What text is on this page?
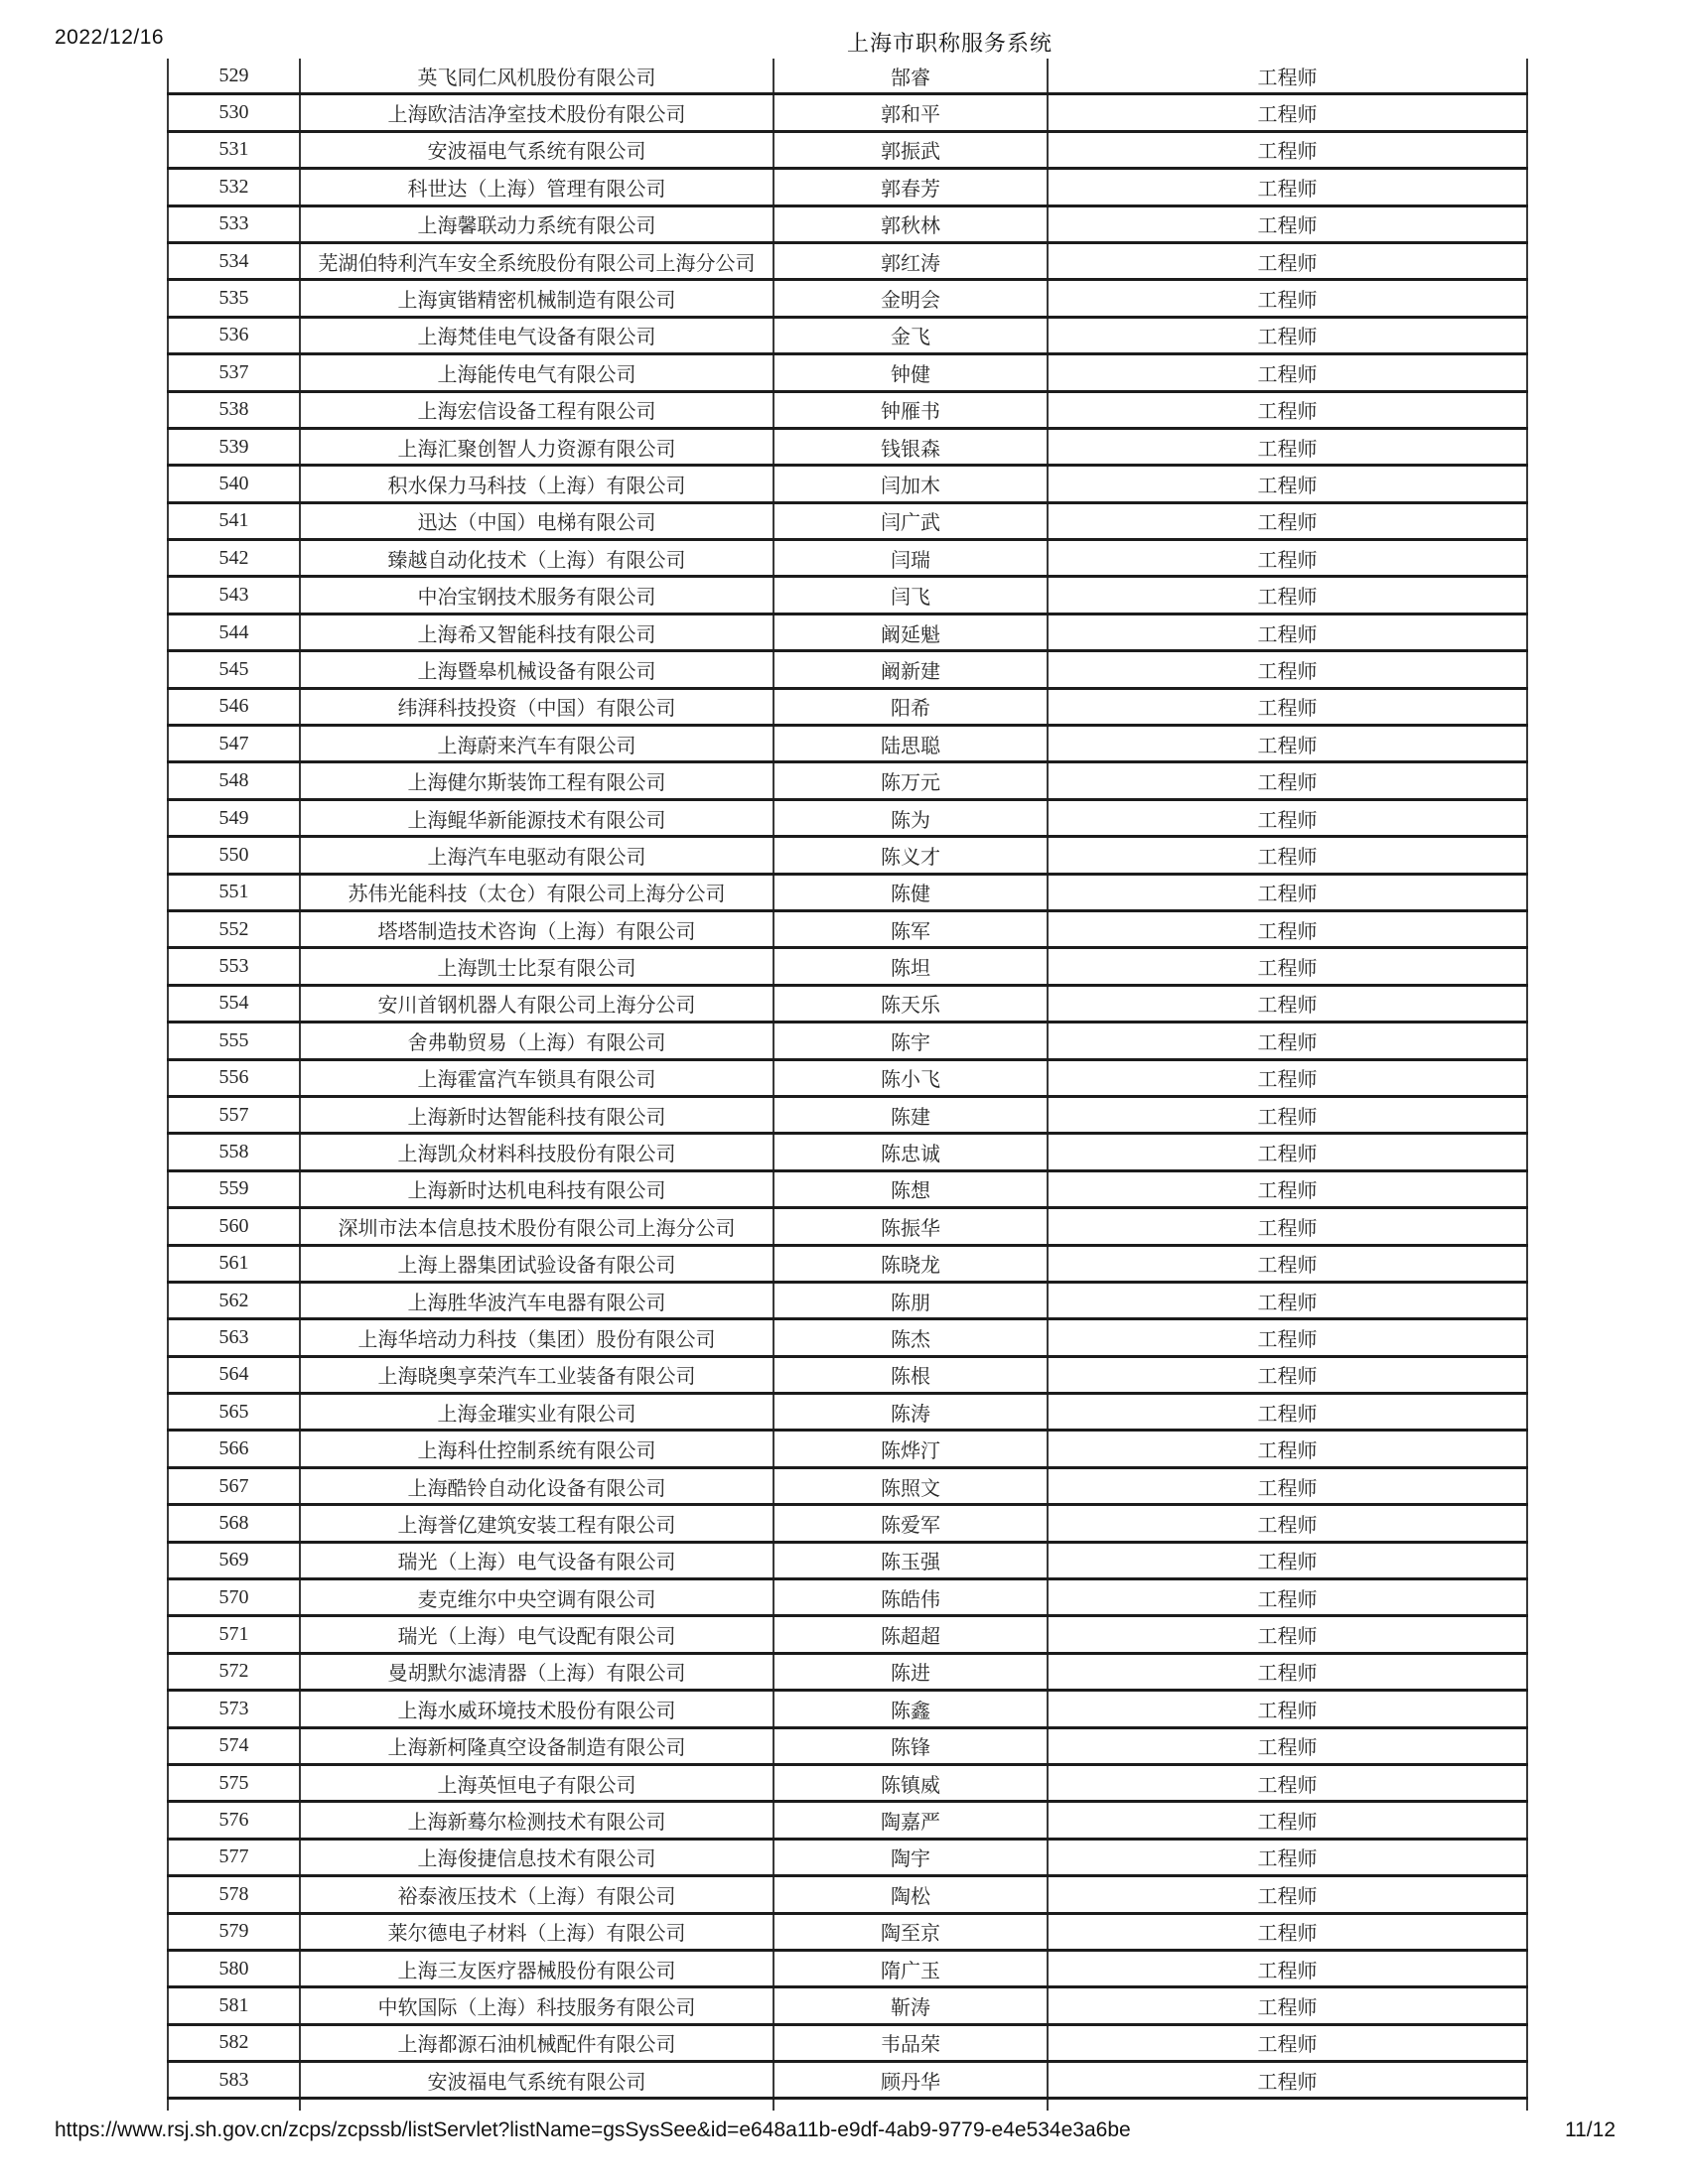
2022/12/16	上海市职称服务系统
529	英飞同仁风机股份有限公司	郜睿	工程师
530	上海欧洁洁净室技术股份有限公司	郭和平	工程师
531	安波福电气系统有限公司	郭振武	工程师
532	科世达（上海）管理有限公司	郭春芳	工程师
533	上海馨联动力系统有限公司	郭秋林	工程师
534	芜湖伯特利汽车安全系统股份有限公司上海分公司	郭红涛	工程师
535	上海寅锴精密机械制造有限公司	金明会	工程师
536	上海梵佳电气设备有限公司	金飞	工程师
537	上海能传电气有限公司	钟健	工程师
538	上海宏信设备工程有限公司	钟雁书	工程师
539	上海汇聚创智人力资源有限公司	钱银森	工程师
540	积水保力马科技（上海）有限公司	闫加木	工程师
541	迅达（中国）电梯有限公司	闫广武	工程师
542	臻越自动化技术（上海）有限公司	闫瑞	工程师
543	中冶宝钢技术服务有限公司	闫飞	工程师
544	上海希又智能科技有限公司	阚延魁	工程师
545	上海暨皋机械设备有限公司	阚新建	工程师
546	纬湃科技投资（中国）有限公司	阳希	工程师
547	上海蔚来汽车有限公司	陆思聪	工程师
548	上海健尔斯装饰工程有限公司	陈万元	工程师
549	上海鲲华新能源技术有限公司	陈为	工程师
550	上海汽车电驱动有限公司	陈义才	工程师
551	苏伟光能科技（太仓）有限公司上海分公司	陈健	工程师
552	塔塔制造技术咨询（上海）有限公司	陈军	工程师
553	上海凯士比泵有限公司	陈坦	工程师
554	安川首钢机器人有限公司上海分公司	陈天乐	工程师
555	舍弗勒贸易（上海）有限公司	陈宇	工程师
556	上海霍富汽车锁具有限公司	陈小飞	工程师
557	上海新时达智能科技有限公司	陈建	工程师
558	上海凯众材料科技股份有限公司	陈忠诚	工程师
559	上海新时达机电科技有限公司	陈想	工程师
560	深圳市法本信息技术股份有限公司上海分公司	陈振华	工程师
561	上海上器集团试验设备有限公司	陈晓龙	工程师
562	上海胜华波汽车电器有限公司	陈朋	工程师
563	上海华培动力科技（集团）股份有限公司	陈杰	工程师
564	上海晓奥享荣汽车工业装备有限公司	陈根	工程师
565	上海金璀实业有限公司	陈涛	工程师
566	上海科仕控制系统有限公司	陈烨汀	工程师
567	上海酷铃自动化设备有限公司	陈照文	工程师
568	上海誉亿建筑安装工程有限公司	陈爱军	工程师
569	瑞光（上海）电气设备有限公司	陈玉强	工程师
570	麦克维尔中央空调有限公司	陈皓伟	工程师
571	瑞光（上海）电气设配有限公司	陈超超	工程师
572	曼胡默尔滤清器（上海）有限公司	陈进	工程师
573	上海水威环境技术股份有限公司	陈鑫	工程师
574	上海新柯隆真空设备制造有限公司	陈锋	工程师
575	上海英恒电子有限公司	陈镇威	工程师
576	上海新蓦尔检测技术有限公司	陶嘉严	工程师
577	上海俊捷信息技术有限公司	陶宇	工程师
578	裕泰液压技术（上海）有限公司	陶松	工程师
579	莱尔德电子材料（上海）有限公司	陶至京	工程师
580	上海三友医疗器械股份有限公司	隋广玉	工程师
581	中软国际（上海）科技服务有限公司	靳涛	工程师
582	上海都源石油机械配件有限公司	韦品荣	工程师
583	安波福电气系统有限公司	顾丹华	工程师

https://www.rsj.sh.gov.cn/zcps/zcpssb/listServlet?listName=gsSysSee&id=e648a11b-e9df-4ab9-9779-e4e534e3a6be	11/12
